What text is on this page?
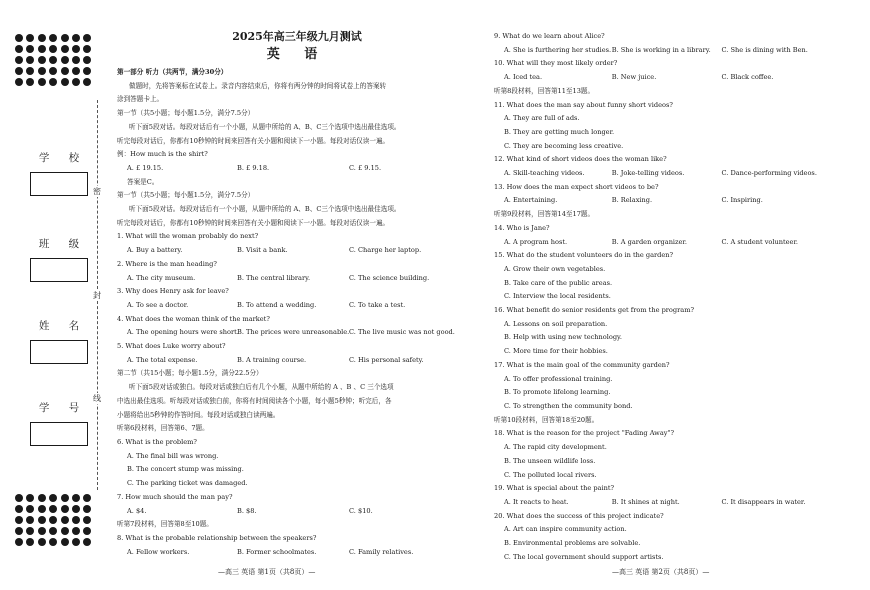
密
封
线
学 校
班 级
姓 名
学 号
2025年高三年级九月测试
英 语
第一部分 听力（共两节，满分30分）
做题时，先将答案标在试卷上。录音内容结束后，你将有两分钟的时间将试卷上的答案转
涂到答题卡上。
第一节（共5小题；每小题1.5分，满分7.5分）
听下面5段对话。每段对话后有一个小题，从题中所给的 A、B、C三个选项中选出最佳选项。
听完每段对话后，你都有10秒钟的时间来回答有关小题和阅读下一小题。每段对话仅读一遍。
例：How much is the shirt?
A. £ 19.15.	B. £ 9.18.	C. £ 9.15.
答案是C。
第一节（共5小题；每小题1.5分，满分7.5分）
听下面5段对话。每段对话后有一个小题，从题中所给的 A、B、C三个选项中选出最佳选项。
听完每段对话后，你都有10秒钟的时间来回答有关小题和阅读下一小题。每段对话仅读一遍。
1. What will the woman probably do next?
A. Buy a battery.	B. Visit a bank.	C. Charge her laptop.
2. Where is the man heading?
A. The city museum.	B. The central library.	C. The science building.
3. Why does Henry ask for leave?
A. To see a doctor.	B. To attend a wedding.	C. To take a test.
4. What does the woman think of the market?
A. The opening hours were short.
B. The prices were unreasonable. C. The live music was not good.
5. What does Luke worry about?
A. The total expense.	B. A training course.	C. His personal safety.
第二节（共15小题；每小题1.5分，满分22.5分）
听下面5段对话或独白。每段对话或独白后有几个小题，从题中所给的 A 、B 、C 三个选项
中选出最佳选项。听每段对话或独白前，你将有时间阅读各个小题，每小题5秒钟；听完后，各
小题将给出5秒钟的作答时间。每段对话或独白读两遍。
听第6段材料，回答第6、7题。
6. What is the problem?
A. The final bill was wrong.
B. The concert stump was missing.
C. The parking ticket was damaged.
7. How much should the man pay?
A. $4.	B. $8.	C. $10.
听第7段材料，回答第8至10题。
8. What is the probable relationship between the speakers?
A. Fellow workers.	B. Former schoolmates.	C. Family relatives.
—高三 英语 第1页（共8页）—
9. What do we learn about Alice?
A. She is furthering her studies. B. She is working in a library.	C. She is dining with Ben.
10. What will they most likely order?
A. Iced tea.	B. New juice.	C. Black coffee.
听第8段材料，回答第11至13题。
11. What does the man say about funny short videos?
A. They are full of ads.
B. They are getting much longer.
C. They are becoming less creative.
12. What kind of short videos does the woman like?
A. Skill-teaching videos.	B. Joke-telling videos.	C. Dance-performing videos.
13. How does the man expect short videos to be?
A. Entertaining.	B. Relaxing.	C. Inspiring.
听第9段材料，回答第14至17题。
14. Who is Jane?
A. A program host.	B. A garden organizer.	C. A student volunteer.
15. What do the student volunteers do in the garden?
A. Grow their own vegetables.
B. Take care of the public areas.
C. Interview the local residents.
16. What benefit do senior residents get from the program?
A. Lessons on soil preparation.
B. Help with using new technology.
C. More time for their hobbies.
17. What is the main goal of the community garden?
A. To offer professional training.
B. To promote lifelong learning.
C. To strengthen the community bond.
听第10段材料，回答第18至20题。
18. What is the reason for the project "Fading Away"?
A. The rapid city development.
B. The unseen wildlife loss.
C. The polluted local rivers.
19. What is special about the paint?
A. It reacts to heat.	B. It shines at night.	C. It disappears in water.
20. What does the success of this project indicate?
A. Art can inspire community action.
B. Environmental problems are solvable.
C. The local government should support artists.
—高三 英语 第2页（共8页）—
